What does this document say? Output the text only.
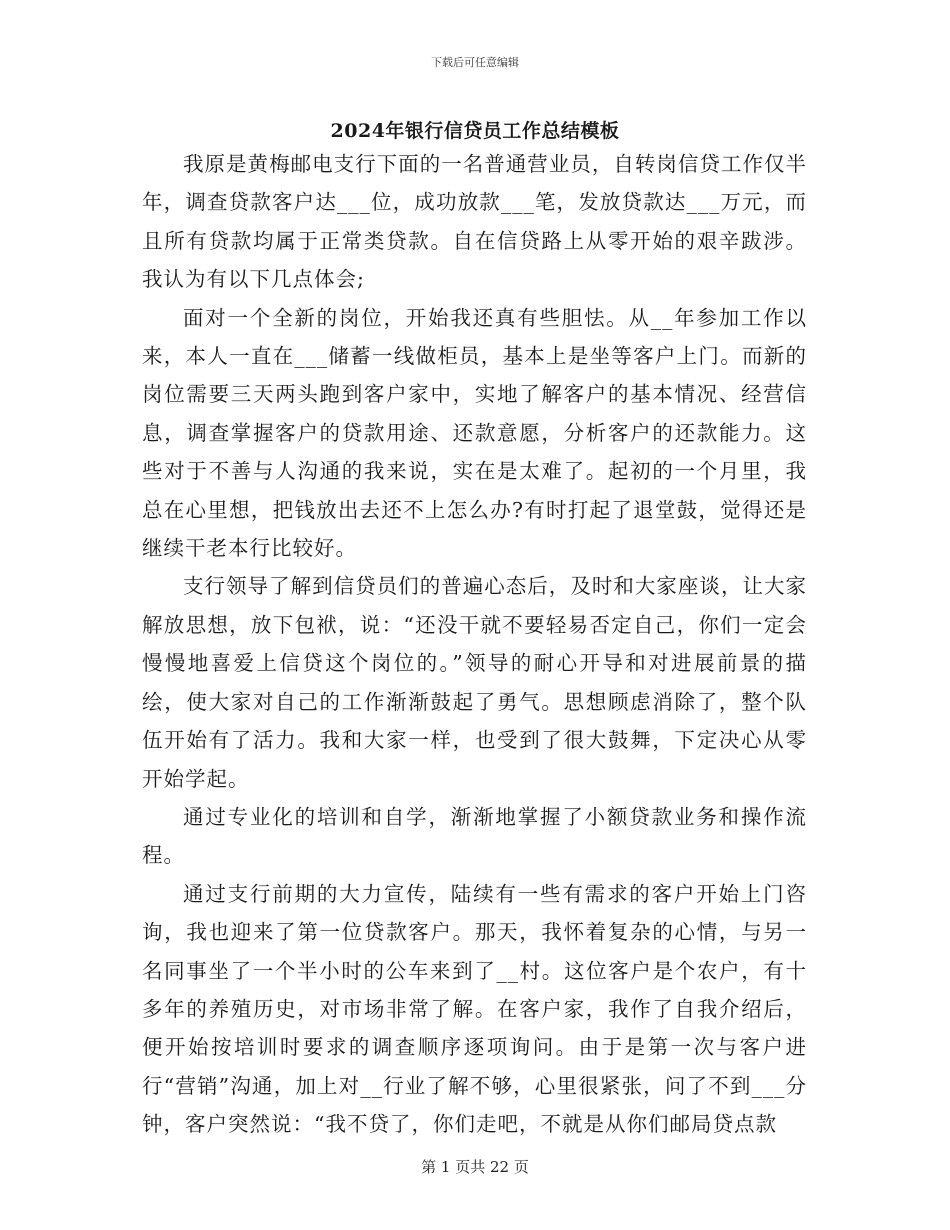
下载后可任意编辑
2024年银行信贷员工作总结模板

我原是黄梅邮电支行下面的一名普通营业员，自转岗信贷工作仅半年，调查贷款客户达___位，成功放款___笔，发放贷款达___万元，而且所有贷款均属于正常类贷款。自在信贷路上从零开始的艰辛跋涉。我认为有以下几点体会;

面对一个全新的岗位，开始我还真有些胆怯。从__年参加工作以来，本人一直在___储蓄一线做柜员，基本上是坐等客户上门。而新的岗位需要三天两头跑到客户家中，实地了解客户的基本情况、经营信息，调查掌握客户的贷款用途、还款意愿，分析客户的还款能力。这些对于不善与人沟通的我来说，实在是太难了。起初的一个月里，我总在心里想，把钱放出去还不上怎么办?有时打起了退堂鼓，觉得还是继续干老本行比较好。

支行领导了解到信贷员们的普遍心态后，及时和大家座谈，让大家解放思想，放下包袱，说：“还没干就不要轻易否定自己，你们一定会慢慢地喜爱上信贷这个岗位的。”领导的耐心开导和对进展前景的描绘，使大家对自己的工作渐渐鼓起了勇气。思想顾虑消除了，整个队伍开始有了活力。我和大家一样，也受到了很大鼓舞，下定决心从零开始学起。

通过专业化的培训和自学，渐渐地掌握了小额贷款业务和操作流程。

通过支行前期的大力宣传，陆续有一些有需求的客户开始上门咨询，我也迎来了第一位贷款客户。那天，我怀着复杂的心情，与另一名同事坐了一个半小时的公车来到了__村。这位客户是个农户，有十多年的养殖历史，对市场非常了解。在客户家，我作了自我介绍后，便开始按培训时要求的调查顺序逐项询问。由于是第一次与客户进行“营销”沟通，加上对__行业了解不够，心里很紧张，问了不到___分钟，客户突然说：“我不贷了，你们走吧，不就是从你们邮局贷点款

第 1 页共 22 页
